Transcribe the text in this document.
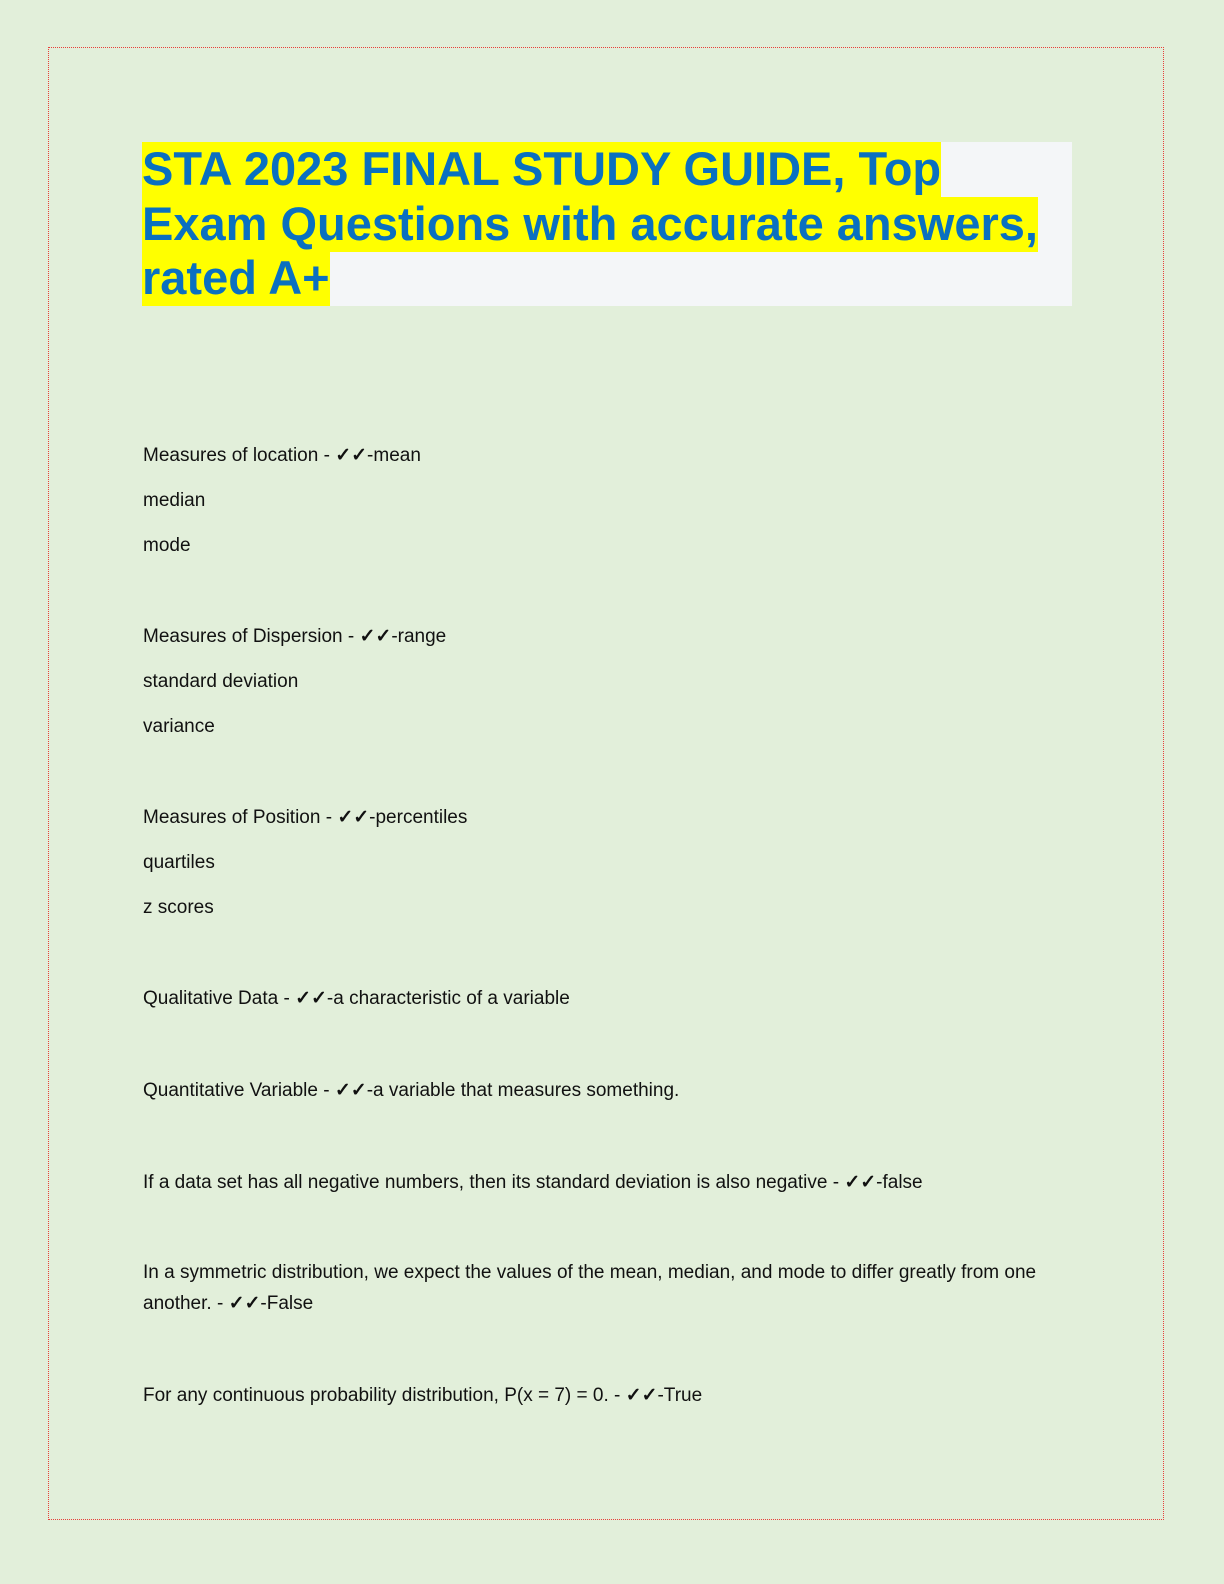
STA 2023 FINAL STUDY GUIDE, Top
Exam Questions with accurate answers,
rated A+
Measures of location - ✓✓-mean
median
mode
Measures of Dispersion - ✓✓-range
standard deviation
variance
Measures of Position - ✓✓-percentiles
quartiles
z scores
Qualitative Data - ✓✓-a characteristic of a variable
Quantitative Variable - ✓✓-a variable that measures something.
If a data set has all negative numbers, then its standard deviation is also negative - ✓✓-false
In a symmetric distribution, we expect the values of the mean, median, and mode to differ greatly from one another. - ✓✓-False
For any continuous probability distribution, P(x = 7) = 0. - ✓✓-True
